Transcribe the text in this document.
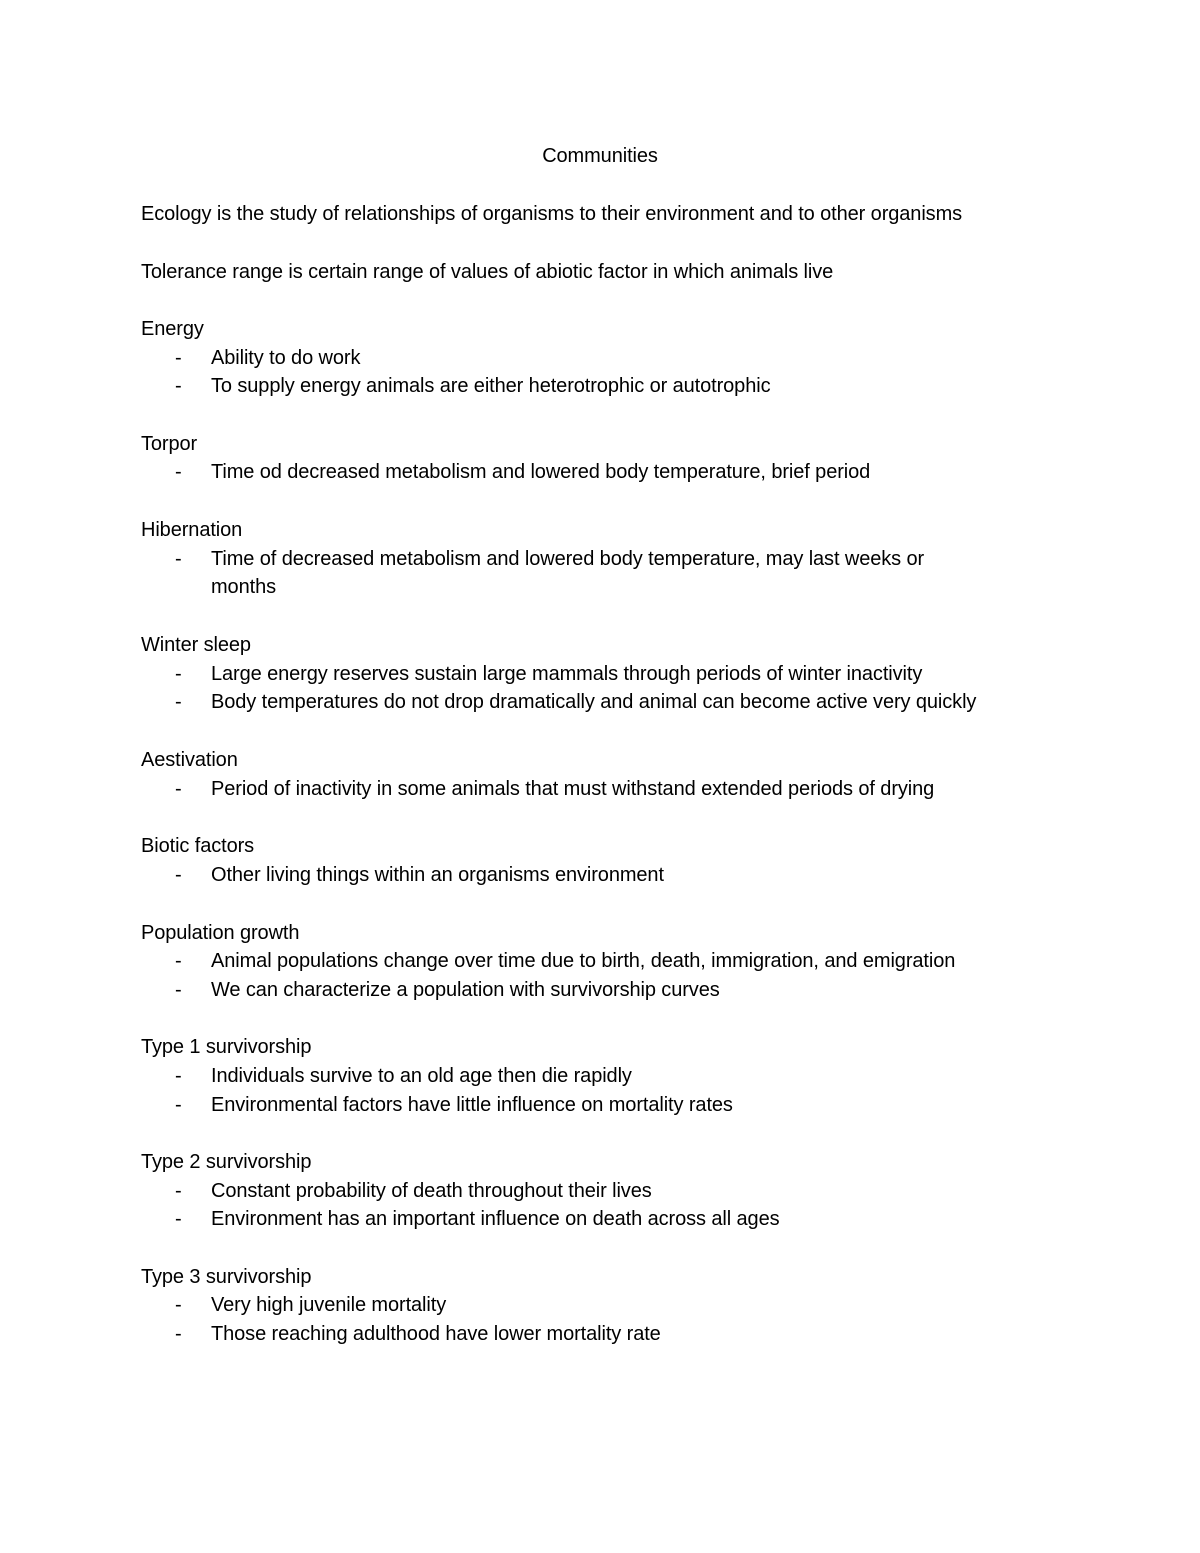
Communities
Ecology is the study of relationships of organisms to their environment and to other organisms
Tolerance range is certain range of values of abiotic factor in which animals live
Energy
- Ability to do work
- To supply energy animals are either heterotrophic or autotrophic
Torpor
- Time od decreased metabolism and lowered body temperature, brief period
Hibernation
- Time of decreased metabolism and lowered body temperature, may last weeks or
months
Winter sleep
- Large energy reserves sustain large mammals through periods of winter inactivity
- Body temperatures do not drop dramatically and animal can become active very quickly
Aestivation
- Period of inactivity in some animals that must withstand extended periods of drying
Biotic factors
- Other living things within an organisms environment
Population growth
- Animal populations change over time due to birth, death, immigration, and emigration
- We can characterize a population with survivorship curves
Type 1 survivorship
- Individuals survive to an old age then die rapidly
- Environmental factors have little influence on mortality rates
Type 2 survivorship
- Constant probability of death throughout their lives
- Environment has an important influence on death across all ages
Type 3 survivorship
- Very high juvenile mortality
- Those reaching adulthood have lower mortality rate
